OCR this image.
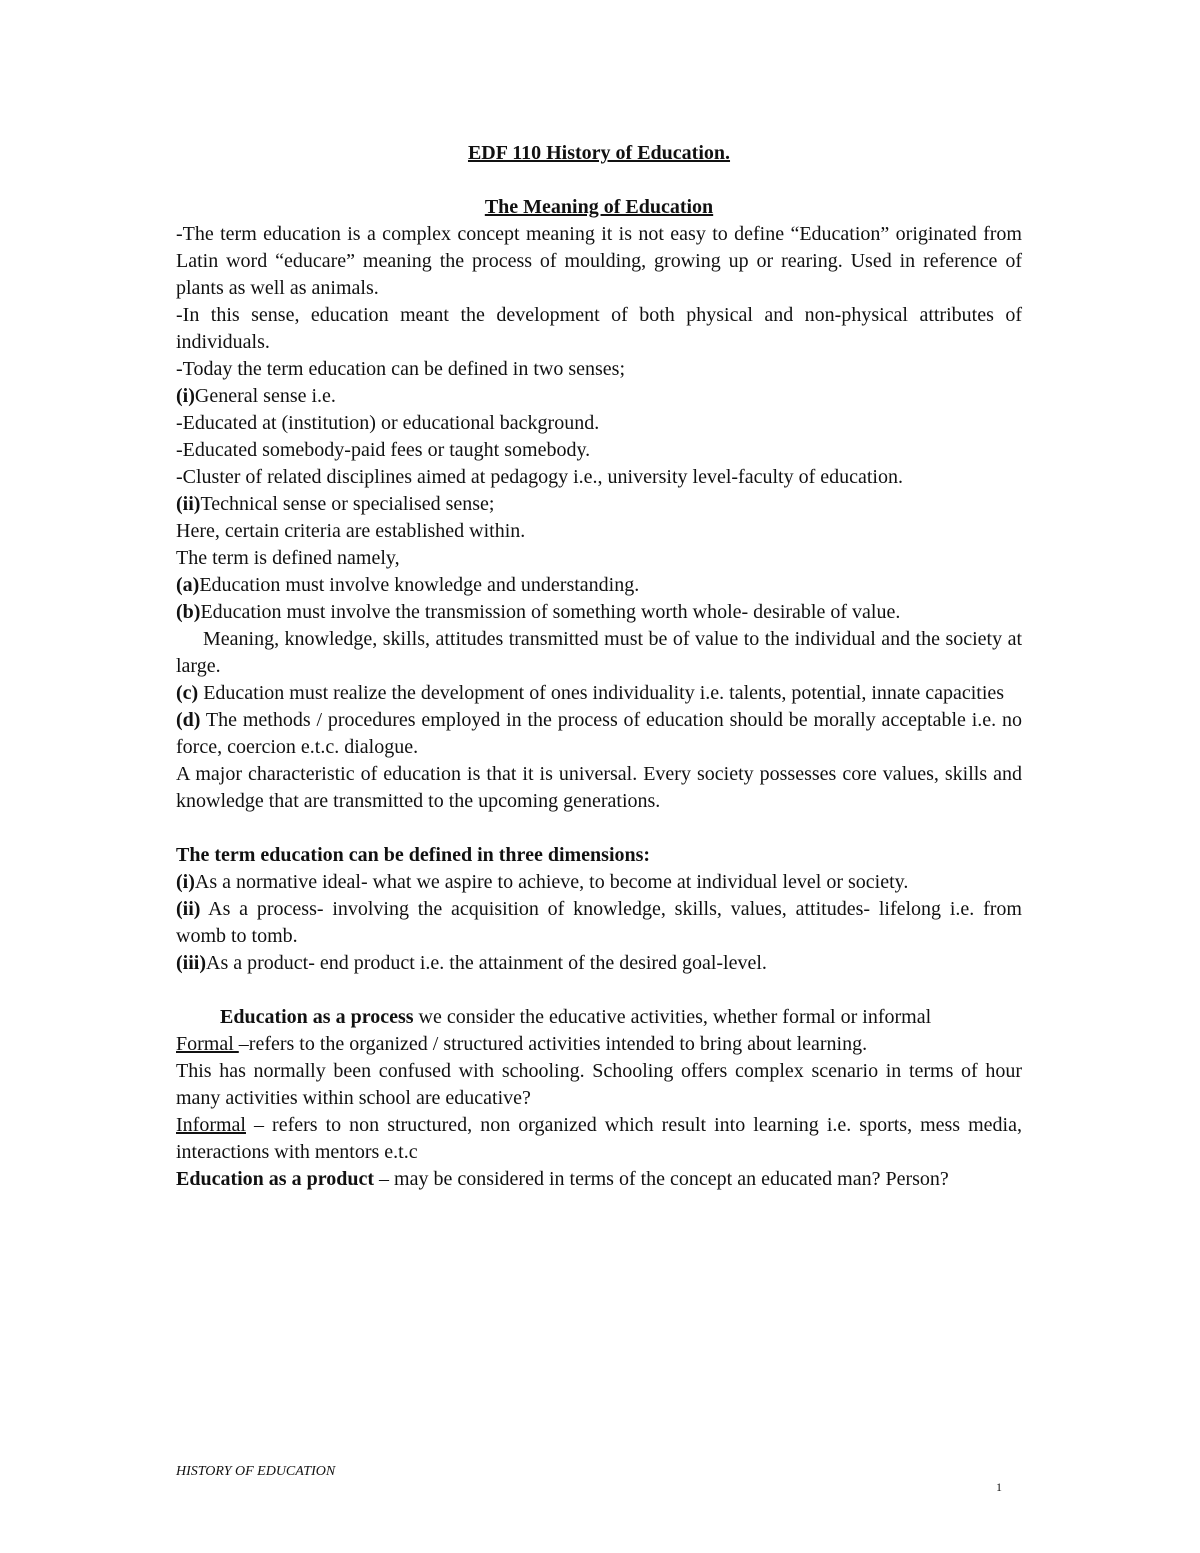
EDF 110 History of Education.
The Meaning of Education
-The term education is a complex concept meaning it is not easy to define “Education” originated from Latin word “educare” meaning the process of moulding, growing up or rearing. Used in reference of plants as well as animals.
-In this sense, education meant the development of both physical and non-physical attributes of individuals.
-Today the term education can be defined in two senses;
(i)General sense i.e.
-Educated at (institution) or educational background.
-Educated somebody-paid fees or taught somebody.
-Cluster of related disciplines aimed at pedagogy i.e., university level-faculty of education.
(ii)Technical sense or specialised sense;
Here, certain criteria are established within.
The term is defined namely,
(a)Education must involve knowledge and understanding.
(b)Education must involve the transmission of something worth whole- desirable of value.
Meaning, knowledge, skills, attitudes transmitted must be of value to the individual and the society at large.
(c) Education must realize the development of ones individuality i.e. talents, potential, innate capacities
(d) The methods / procedures employed in the process of education should be morally acceptable i.e. no force, coercion e.t.c. dialogue.
A major characteristic of education is that it is universal. Every society possesses core values, skills and knowledge that are transmitted to the upcoming generations.
The term education can be defined in three dimensions:
(i)As a normative ideal- what we aspire to achieve, to become at individual level or society.
(ii) As a process- involving the acquisition of knowledge, skills, values, attitudes- lifelong i.e. from womb to tomb.
(iii)As a product- end product i.e. the attainment of the desired goal-level.
Education as a process we consider the educative activities, whether formal or informal
Formal –refers to the organized / structured activities intended to bring about learning.
This has normally been confused with schooling. Schooling offers complex scenario in terms of hour many activities within school are educative?
Informal – refers to non structured, non organized which result into learning i.e. sports, mess media, interactions with mentors e.t.c
Education as a product – may be considered in terms of the concept an educated man? Person?
HISTORY OF EDUCATION
1
